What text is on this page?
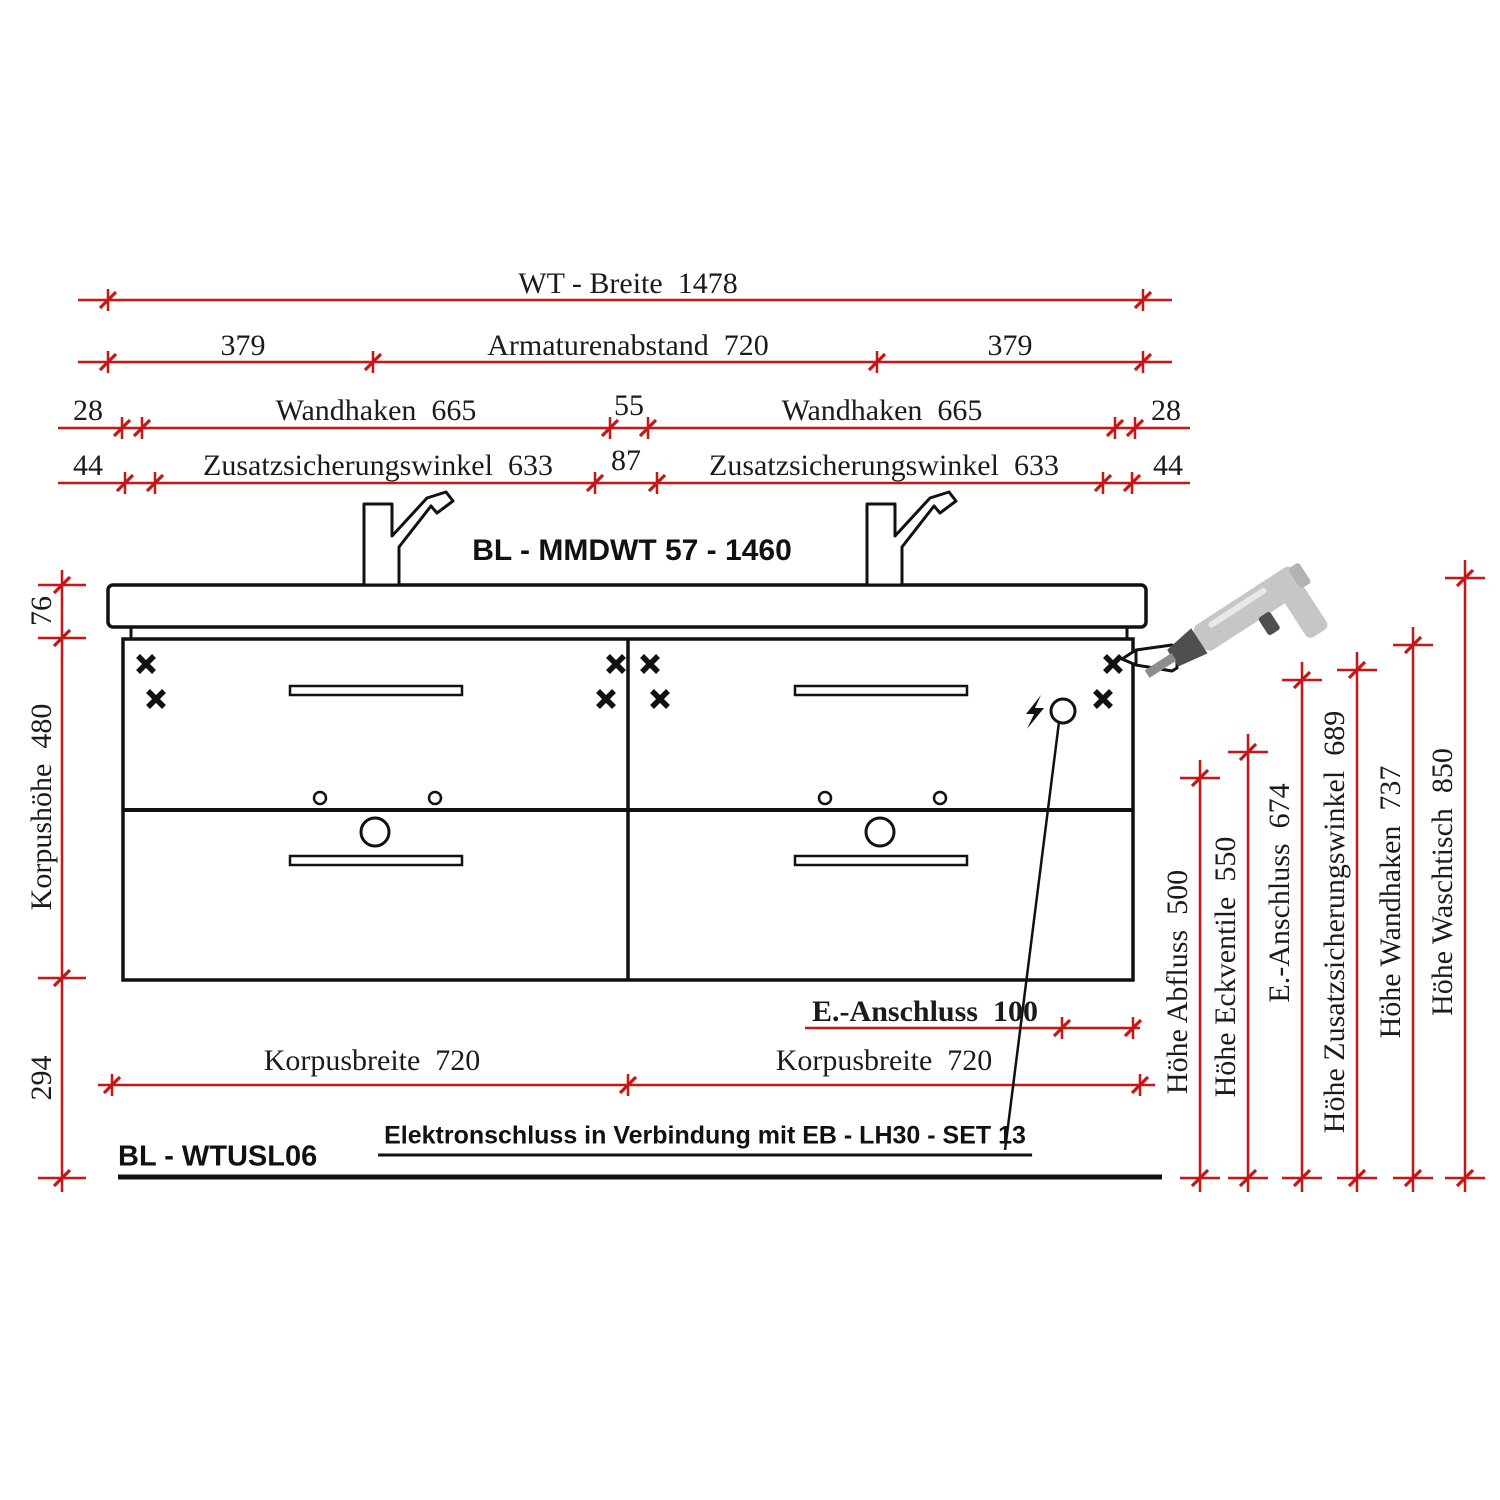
WT - Breite  1478
379	Armaturenabstand  720	379
28	Wandhaken  665	55	Wandhaken  665	28
44	Zusatzsicherungswinkel  633 87 Zusatzsicherungswinkel  633	44
BL - MMDWT 57 - 1460
Elektronschluss in Verbindung mit EB - LH30 - SET 13
BL - WTUSL06
76
Korpushöhe  480
294
E.-Anschluss  100
Korpusbreite  720	Korpusbreite  720	Höhe Abfluss  500 Höhe Eckventile  550 E.-Anschluss  674 Höhe Zusatzsicherungswinkel  689 Höhe Wandhaken  737 Höhe Waschtisch  850
